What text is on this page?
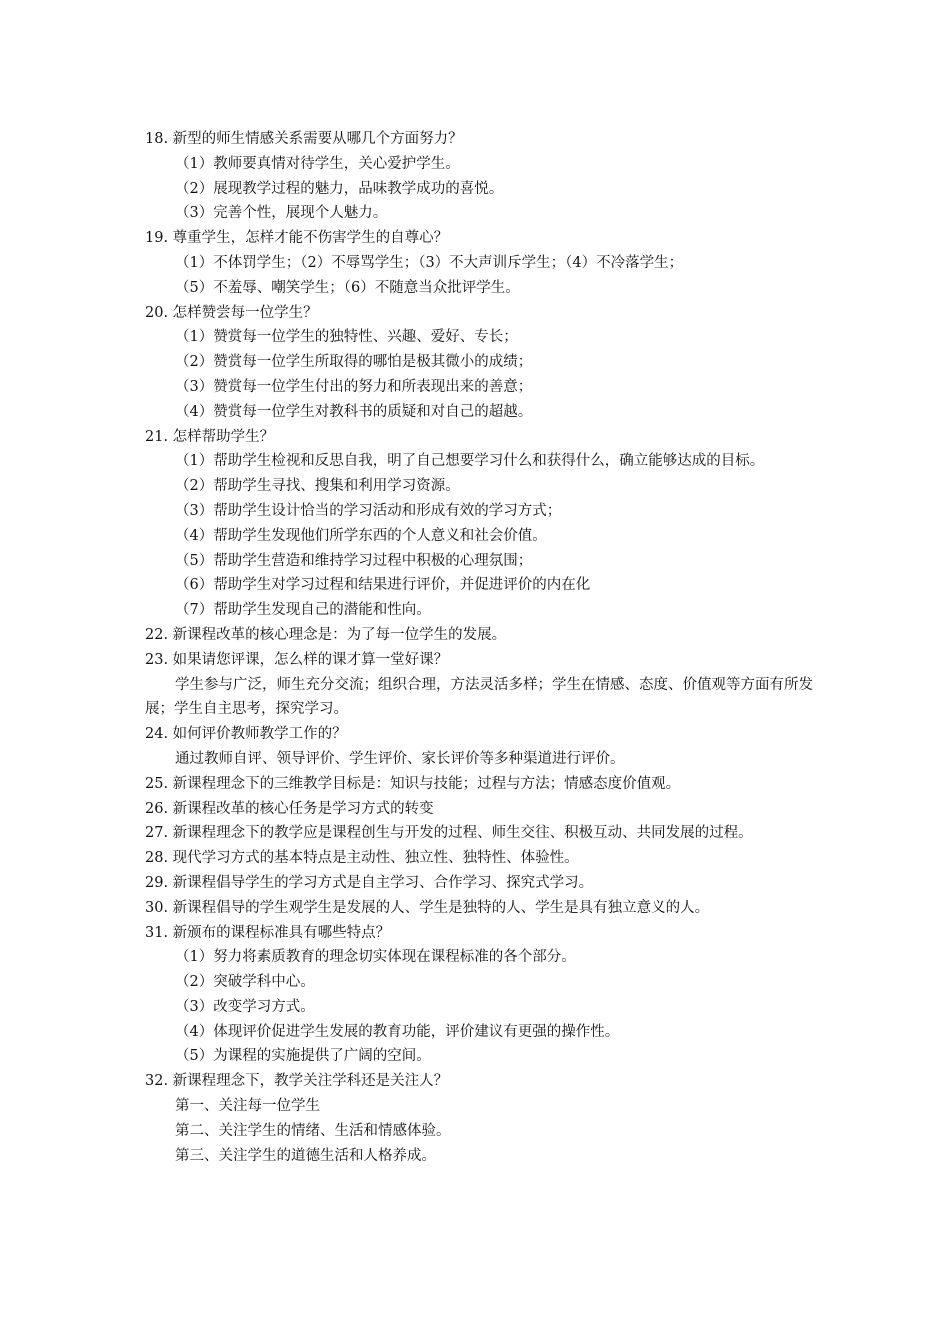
18. 新型的师生情感关系需要从哪几个方面努力？
（1）教师要真情对待学生，关心爱护学生。
（2）展现教学过程的魅力，品味教学成功的喜悦。
（3）完善个性，展现个人魅力。
19. 尊重学生，怎样才能不伤害学生的自尊心？
（1）不体罚学生；（2）不辱骂学生；（3）不大声训斥学生；（4）不冷落学生；
（5）不羞辱、嘲笑学生；（6）不随意当众批评学生。
20. 怎样赞尝每一位学生？
（1）赞赏每一位学生的独特性、兴趣、爱好、专长；
（2）赞赏每一位学生所取得的哪怕是极其微小的成绩；
（3）赞赏每一位学生付出的努力和所表现出来的善意；
（4）赞赏每一位学生对教科书的质疑和对自己的超越。
21. 怎样帮助学生？
（1）帮助学生检视和反思自我，明了自己想要学习什么和获得什么，确立能够达成的目标。
（2）帮助学生寻找、搜集和利用学习资源。
（3）帮助学生设计恰当的学习活动和形成有效的学习方式；
（4）帮助学生发现他们所学东西的个人意义和社会价值。
（5）帮助学生营造和维持学习过程中积极的心理氛围；
（6）帮助学生对学习过程和结果进行评价，并促进评价的内在化
（7）帮助学生发现自己的潜能和性向。
22. 新课程改革的核心理念是：为了每一位学生的发展。
23. 如果请您评课，怎么样的课才算一堂好课？
学生参与广泛，师生充分交流；组织合理，方法灵活多样；学生在情感、态度、价值观等方面有所发展；学生自主思考，探究学习。
24. 如何评价教师教学工作的？
通过教师自评、领导评价、学生评价、家长评价等多种渠道进行评价。
25. 新课程理念下的三维教学目标是：知识与技能；过程与方法；情感态度价值观。
26. 新课程改革的核心任务是学习方式的转变
27. 新课程理念下的教学应是课程创生与开发的过程、师生交往、积极互动、共同发展的过程。
28. 现代学习方式的基本特点是主动性、独立性、独特性、体验性。
29. 新课程倡导学生的学习方式是自主学习、合作学习、探究式学习。
30. 新课程倡导的学生观学生是发展的人、学生是独特的人、学生是具有独立意义的人。
31. 新颁布的课程标准具有哪些特点？
（1）努力将素质教育的理念切实体现在课程标准的各个部分。
（2）突破学科中心。
（3）改变学习方式。
（4）体现评价促进学生发展的教育功能，评价建议有更强的操作性。
（5）为课程的实施提供了广阔的空间。
32. 新课程理念下，教学关注学科还是关注人？
第一、关注每一位学生
第二、关注学生的情绪、生活和情感体验。
第三、关注学生的道德生活和人格养成。
